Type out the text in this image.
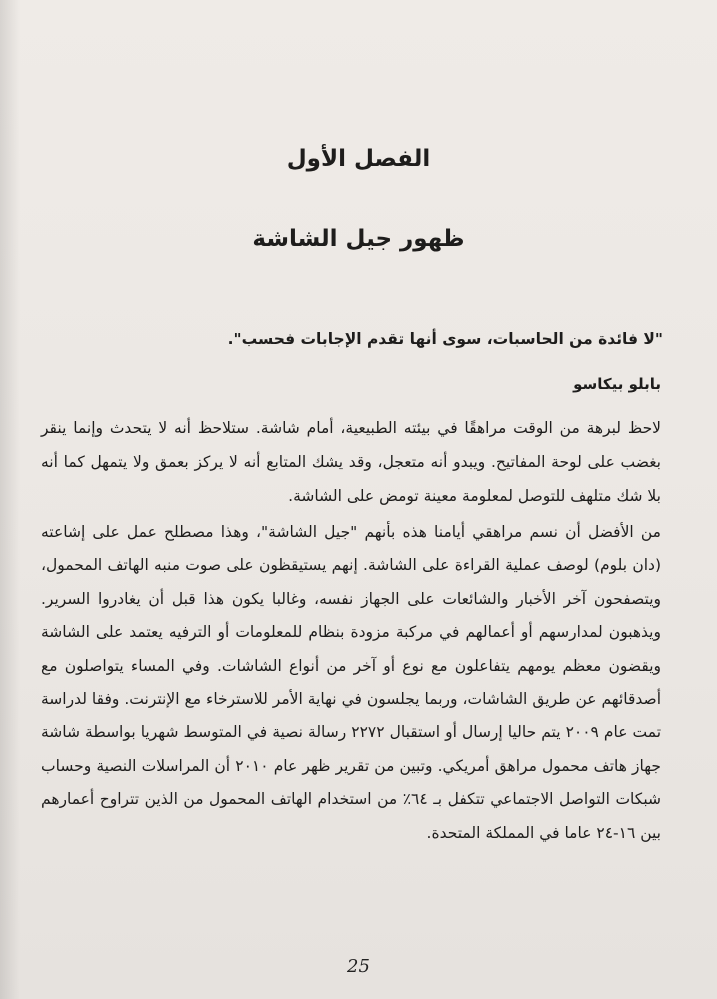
الفصل الأول
ظهور جيل الشاشة
"لا فائدة من الحاسبات، سوى أنها تقدم الإجابات فحسب".
بابلو بيكاسو
لاحظ لبرهة من الوقت مراهقًا في بيئته الطبيعية، أمام شاشة. ستلاحظ أنه لا يتحدث وإنما ينقر بغضب على لوحة المفاتيح. ويبدو أنه متعجل، وقد يشك المتابع أنه لا يركز بعمق ولا يتمهل كما أنه بلا شك متلهف للتوصل لمعلومة معينة تومض على الشاشة.
من الأفضل أن نسم مراهقي أيامنا هذه بأنهم "جيل الشاشة"، وهذا مصطلح عمل على إشاعته (دان بلوم) لوصف عملية القراءة على الشاشة. إنهم يستيقظون على صوت منبه الهاتف المحمول، ويتصفحون آخر الأخبار والشائعات على الجهاز نفسه، وغالبا يكون هذا قبل أن يغادروا السرير. ويذهبون لمدارسهم أو أعمالهم في مركبة مزودة بنظام للمعلومات أو الترفيه يعتمد على الشاشة ويقضون معظم يومهم يتفاعلون مع نوع أو آخر من أنواع الشاشات. وفي المساء يتواصلون مع أصدقائهم عن طريق الشاشات، وربما يجلسون في نهاية الأمر للاسترخاء مع الإنترنت. وفقا لدراسة تمت عام ٢٠٠٩ يتم حاليا إرسال أو استقبال ٢٢٧٢ رسالة نصية في المتوسط شهريا بواسطة شاشة جهاز هاتف محمول مراهق أمريكي. وتبين من تقرير ظهر عام ٢٠١٠ أن المراسلات النصية وحساب شبكات التواصل الاجتماعي تتكفل بـ ٦٤٪ من استخدام الهاتف المحمول من الذين تتراوح أعمارهم بين ١٦-٢٤ عاما في المملكة المتحدة.
25
